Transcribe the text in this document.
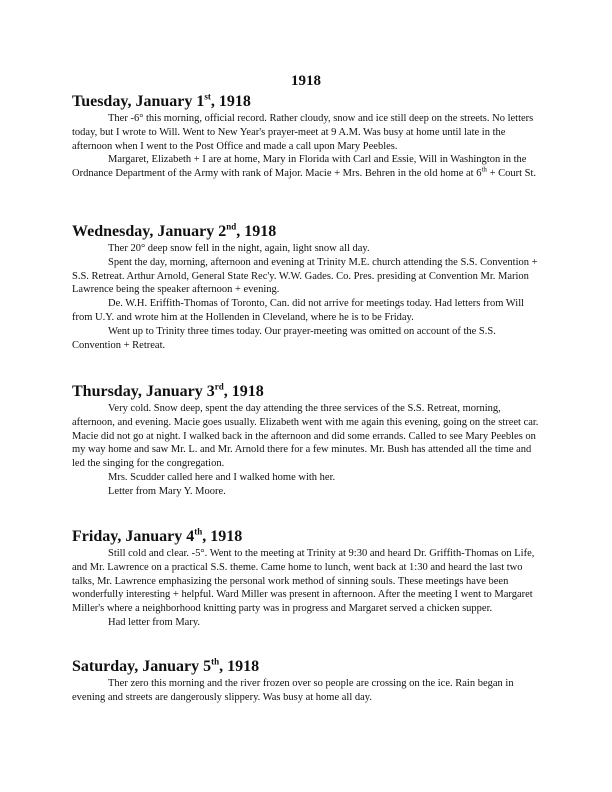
1918
Tuesday, January 1st, 1918

Ther -6° this morning, official record. Rather cloudy, snow and ice still deep on the streets. No letters today, but I wrote to Will. Went to New Year's prayer-meet at 9 A.M. Was busy at home until late in the afternoon when I went to the Post Office and made a call upon Mary Peebles.

Margaret, Elizabeth + I are at home, Mary in Florida with Carl and Essie, Will in Washington in the Ordnance Department of the Army with rank of Major. Macie + Mrs. Behren in the old home at 6th + Court St.

Wednesday, January 2nd, 1918

Ther 20° deep snow fell in the night, again, light snow all day.

Spent the day, morning, afternoon and evening at Trinity M.E. church attending the S.S. Convention + S.S. Retreat. Arthur Arnold, General State Rec'y. W.W. Gades. Co. Pres. presiding at Convention Mr. Marion Lawrence being the speaker afternoon + evening.

De. W.H. Eriffith-Thomas of Toronto, Can. did not arrive for meetings today. Had letters from Will from U.Y. and wrote him at the Hollenden in Cleveland, where he is to be Friday.

Went up to Trinity three times today. Our prayer-meeting was omitted on account of the S.S. Convention + Retreat.

Thursday, January 3rd, 1918

Very cold. Snow deep, spent the day attending the three services of the S.S. Retreat, morning, afternoon, and evening. Macie goes usually. Elizabeth went with me again this evening, going on the street car. Macie did not go at night. I walked back in the afternoon and did some errands. Called to see Mary Peebles on my way home and saw Mr. L. and Mr. Arnold there for a few minutes. Mr. Bush has attended all the time and led the singing for the congregation.

Mrs. Scudder called here and I walked home with her.

Letter from Mary Y. Moore.

Friday, January 4th, 1918

Still cold and clear. -5°. Went to the meeting at Trinity at 9:30 and heard Dr. Griffith-Thomas on Life, and Mr. Lawrence on a practical S.S. theme. Came home to lunch, went back at 1:30 and heard the last two talks, Mr. Lawrence emphasizing the personal work method of sinning souls. These meetings have been wonderfully interesting + helpful. Ward Miller was present in afternoon. After the meeting I went to Margaret Miller's where a neighborhood knitting party was in progress and Margaret served a chicken supper.

Had letter from Mary.

Saturday, January 5th, 1918

Ther zero this morning and the river frozen over so people are crossing on the ice. Rain began in evening and streets are dangerously slippery. Was busy at home all day.
